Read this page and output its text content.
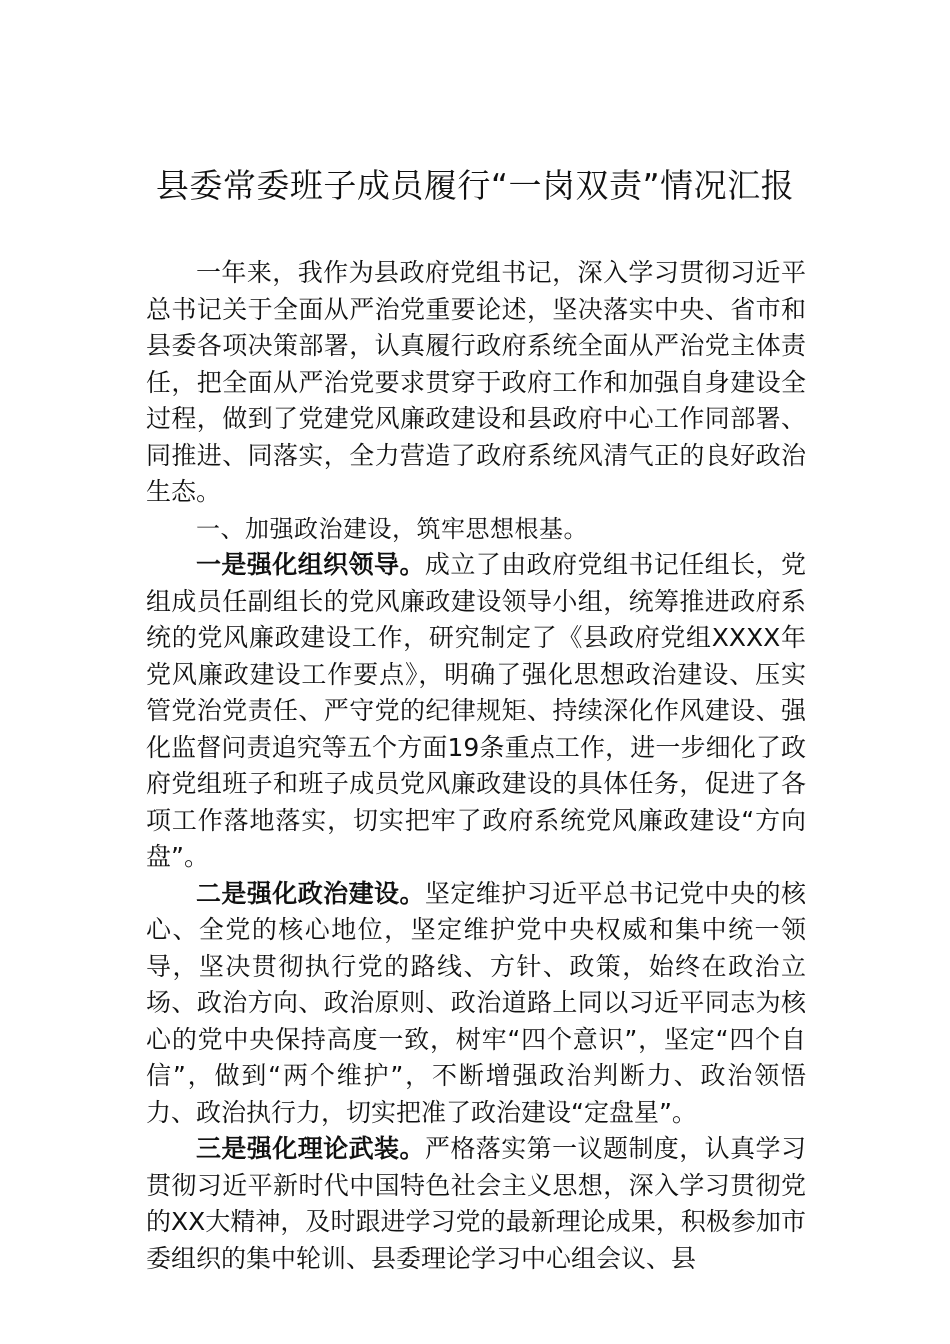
县委常委班子成员履行“一岗双责”情况汇报

一年来，我作为县政府党组书记，深入学习贯彻习近平总书记关于全面从严治党重要论述，坚决落实中央、省市和县委各项决策部署，认真履行政府系统全面从严治党主体责任，把全面从严治党要求贯穿于政府工作和加强自身建设全过程，做到了党建党风廉政建设和县政府中心工作同部署、同推进、同落实，全力营造了政府系统风清气正的良好政治生态。

一、加强政治建设，筑牢思想根基。

一是强化组织领导。成立了由政府党组书记任组长，党组成员任副组长的党风廉政建设领导小组，统筹推进政府系统的党风廉政建设工作，研究制定了《县政府党组XXXX年党风廉政建设工作要点》，明确了强化思想政治建设、压实管党治党责任、严守党的纪律规矩、持续深化作风建设、强化监督问责追究等五个方面19条重点工作，进一步细化了政府党组班子和班子成员党风廉政建设的具体任务，促进了各项工作落地落实，切实把牢了政府系统党风廉政建设“方向盘”。

二是强化政治建设。坚定维护习近平总书记党中央的核心、全党的核心地位，坚定维护党中央权威和集中统一领导，坚决贯彻执行党的路线、方针、政策，始终在政治立场、政治方向、政治原则、政治道路上同以习近平同志为核心的党中央保持高度一致，树牢“四个意识”，坚定“四个自信”，做到“两个维护”，不断增强政治判断力、政治领悟力、政治执行力，切实把准了政治建设“定盘星”。

三是强化理论武装。严格落实第一议题制度，认真学习贯彻习近平新时代中国特色社会主义思想，深入学习贯彻党的XX大精神，及时跟进学习党的最新理论成果，积极参加市委组织的集中轮训、县委理论学习中心组会议、县
